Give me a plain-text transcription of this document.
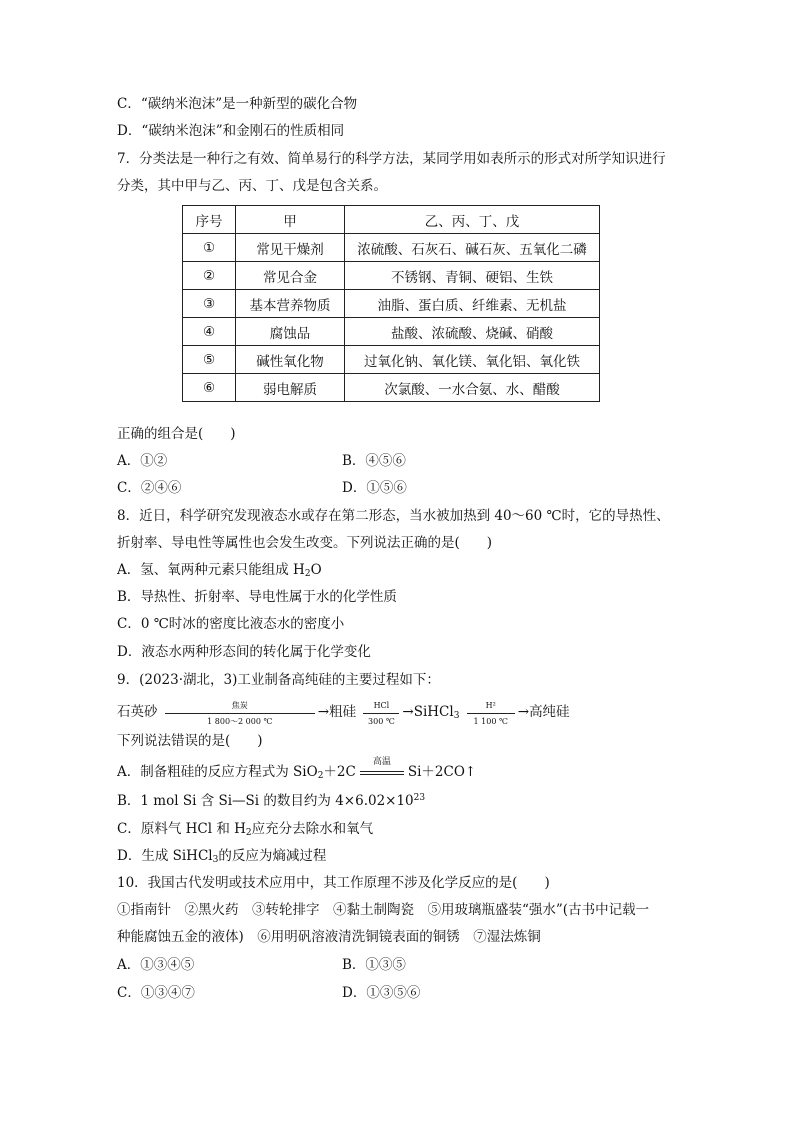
C．“碳纳米泡沫”是一种新型的碳化合物
D．“碳纳米泡沫”和金刚石的性质相同
7．分类法是一种行之有效、简单易行的科学方法，某同学用如表所示的形式对所学知识进行
分类，其中甲与乙、丙、丁、戊是包含关系。
序号	甲	乙、丙、丁、戊
①	常见干燥剂	浓硫酸、石灰石、碱石灰、五氧化二磷
②	常见合金	不锈钢、青铜、硬铝、生铁
③	基本营养物质	油脂、蛋白质、纤维素、无机盐
④	腐蚀品	盐酸、浓硫酸、烧碱、硝酸
⑤	碱性氧化物	过氧化钠、氧化镁、氧化铝、氧化铁
⑥	弱电解质	次氯酸、一水合氨、水、醋酸
正确的组合是(　　)
A．①②	B．④⑤⑥
C．②④⑥	D．①⑤⑥
8．近日，科学研究发现液态水或存在第二形态，当水被加热到 40～60 ℃时，它的导热性、
折射率、导电性等属性也会发生改变。下列说法正确的是(　　)
A．氢、氧两种元素只能组成 $H_2O$
B．导热性、折射率、导电性属于水的化学性质
C．0 ℃时冰的密度比液态水的密度小
D．液态水两种形态间的转化属于化学变化
9．(2023·湖北，3)工业制备高纯硅的主要过程如下：
石英砂	焦炭
1 800～2 000 ℃
→粗硅	HCl
300 ℃
→SiHCl$_3$ $\frac{\text{H²}}{1 100 ℃}$ →高纯硅
下列说法错误的是(　　)
A．制备粗硅的反应方程式为 SiO$_2$＋2C
高温
Si＋2CO↑
B．1 mol Si 含 Si—Si 的数目约为 $4\times 6.02\times 10^{23}$
C．原料气 HCl 和 $H_2$应充分去除水和氧气
D．生成 SiHCl$_3$的反应为熵减过程
10．我国古代发明或技术应用中，其工作原理不涉及化学反应的是(　　)
①指南针　②黑火药　③转轮排字　④黏土制陶瓷　⑤用玻璃瓶盛装“强水”(古书中记载一
种能腐蚀五金的液体)　⑥用明矾溶液清洗铜镜表面的铜锈　⑦湿法炼铜
A．①③④⑤	B．①③⑤
C．①③④⑦	D．①③⑤⑥
